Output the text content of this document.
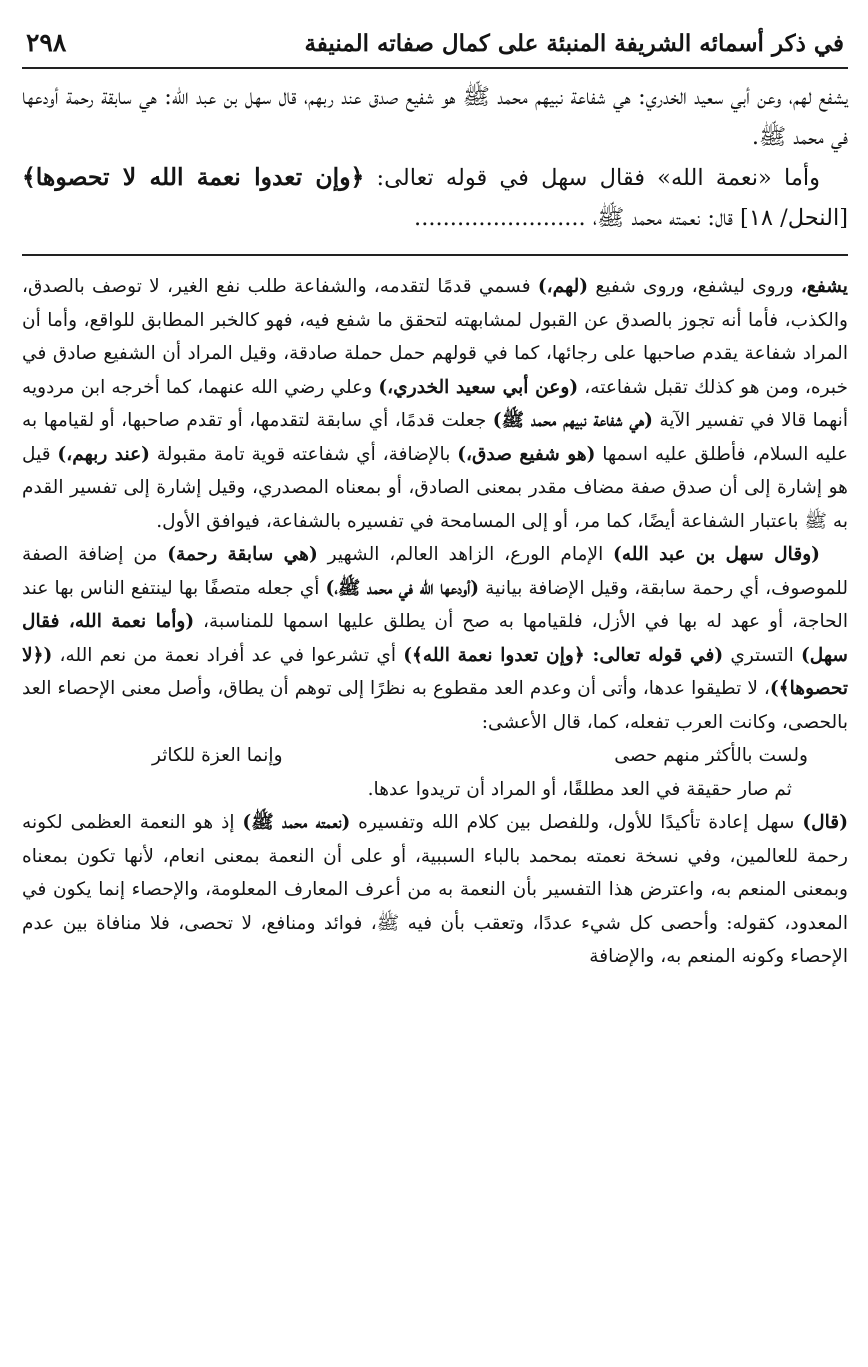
في ذكر أسمائه الشريفة المنبئة على كمال صفاته المنيفة
٢٩٨

يشفع لهم، وعن أبي سعيد الخدري: هي شفاعة نبيهم محمد ﷺ هو شفيع صدق عند ربهم، قال سهل بن عبد الله: هي سابقة رحمة أودعها في محمد ﷺ.

وأما «نعمة الله» فقال سهل في قوله تعالى: ﴿وإن تعدوا نعمة الله لا تحصوها﴾ [النحل/ ١٨] قال: نعمته محمد ﷺ، ........................

يشفع، وروى ليشفع، وروى شفيع (لهم،) فسمي قدمًا لتقدمه، والشفاعة طلب نفع الغير، لا توصف بالصدق، والكذب، فأما أنه تجوز بالصدق عن القبول لمشابهته لتحقق ما شفع فيه، فهو كالخبر المطابق للواقع، وأما أن المراد شفاعة يقدم صاحبها على رجائها، كما في قولهم حمل حملة صادقة، وقيل المراد أن الشفيع صادق في خبره، ومن هو كذلك تقبل شفاعته، (وعن أبي سعيد الخدري،) وعلي رضي الله عنهما، كما أخرجه ابن مردويه أنهما قالا في تفسير الآية (هي شفاعة نبيهم محمد ﷺ) جعلت قدمًا، أي سابقة لتقدمها، أو تقدم صاحبها، أو لقيامها به عليه السلام، فأطلق عليه اسمها (هو شفيع صدق،) بالإضافة، أي شفاعته قوية تامة مقبولة (عند ربهم،) قيل هو إشارة إلى أن صدق صفة مضاف مقدر بمعنى الصادق، أو بمعناه المصدري، وقيل إشارة إلى تفسير القدم به ﷺ باعتبار الشفاعة أيضًا، كما مر، أو إلى المسامحة في تفسيره بالشفاعة، فيوافق الأول.

(وقال سهل بن عبد الله) الإمام الورع، الزاهد العالم، الشهير (هي سابقة رحمة) من إضافة الصفة للموصوف، أي رحمة سابقة، وقيل الإضافة بيانية (أودعها الله في محمد ﷺ،) أي جعله متصفًا بها لينتفع الناس بها عند الحاجة، أو عهد له بها في الأزل، فلقيامها به صح أن يطلق عليها اسمها للمناسبة، (وأما نعمة الله، فقال سهل) التستري (في قوله تعالى: ﴿وإن تعدوا نعمة الله﴾) أي تشرعوا في عد أفراد نعمة من نعم الله، (﴿لا تحصوها﴾)، لا تطيقوا عدها، وأتى أن وعدم العد مقطوع به نظرًا إلى توهم أن يطاق، وأصل معنى الإحصاء العد بالحصى، وكانت العرب تفعله، كما، قال الأعشى:

ولست بالأكثر منهم حصى
وإنما العزة للكاثر

ثم صار حقيقة في العد مطلقًا، أو المراد أن تريدوا عدها.

(قال) سهل إعادة تأكيدًا للأول، وللفصل بين كلام الله وتفسيره (نعمته محمد ﷺ) إذ هو النعمة العظمى لكونه رحمة للعالمين، وفي نسخة نعمته بمحمد بالباء السببية، أو على أن النعمة بمعنى انعام، لأنها تكون بمعناه وبمعنى المنعم به، واعترض هذا التفسير بأن النعمة به من أعرف المعارف المعلومة، والإحصاء إنما يكون في المعدود، كقوله: وأحصى كل شيء عددًا، وتعقب بأن فيه ﷺ، فوائد ومنافع، لا تحصى، فلا منافاة بين عدم الإحصاء وكونه المنعم به، والإضافة
